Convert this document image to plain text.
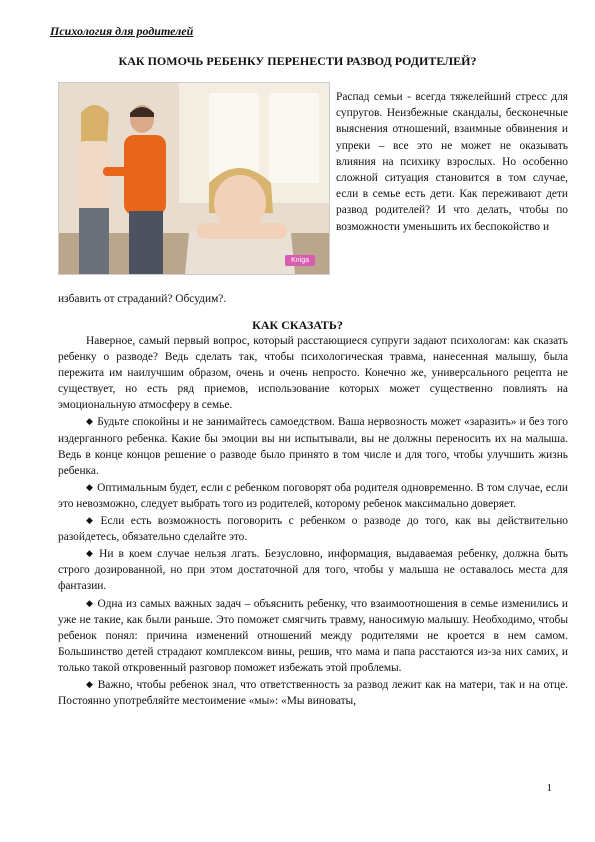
Психология для родителей
КАК ПОМОЧЬ РЕБЕНКУ ПЕРЕНЕСТИ РАЗВОД РОДИТЕЛЕЙ?
Kniga
Распад семьи - всегда тяжелейший стресс для супругов. Неизбежные скандалы, бесконечные выяснения отношений, взаимные обвинения и упреки – все это не может не оказывать влияния на психику взрослых. Но особенно сложной ситуация становится в том случае, если в семье есть дети. Как переживают дети развод родителей? И что делать, чтобы по возможности уменьшить их беспокойство и
избавить от страданий? Обсудим?.
КАК СКАЗАТЬ?

Наверное, самый первый вопрос, который расстающиеся супруги задают психологам: как сказать ребенку о разводе? Ведь сделать так, чтобы психологическая травма, нанесенная малышу, была пережита им наилучшим образом, очень и очень непросто. Конечно же, универсального рецепта не существует, но есть ряд приемов, использование которых может существенно повлиять на эмоциональную атмосферу в семье.

◆ Будьте спокойны и не занимайтесь самоедством. Ваша нервозность может «заразить» и без того издерганного ребенка. Какие бы эмоции вы ни испытывали, вы не должны переносить их на малыша. Ведь в конце концов решение о разводе было принято в том числе и для того, чтобы улучшить жизнь ребенка.

◆ Оптимальным будет, если с ребенком поговорят оба родителя одновременно. В том случае, если это невозможно, следует выбрать того из родителей, которому ребенок максимально доверяет.

◆ Если есть возможность поговорить с ребенком о разводе до того, как вы действительно разойдетесь, обязательно сделайте это.

◆ Ни в коем случае нельзя лгать. Безусловно, информация, выдаваемая ребенку, должна быть строго дозированной, но при этом достаточной для того, чтобы у малыша не оставалось места для фантазии.

◆ Одна из самых важных задач – объяснить ребенку, что взаимоотношения в семье изменились и уже не такие, как были раньше. Это поможет смягчить травму, наносимую малышу. Необходимо, чтобы ребенок понял: причина изменений отношений между родителями не кроется в нем самом. Большинство детей страдают комплексом вины, решив, что мама и папа расстаются из-за них самих, и только такой откровенный разговор поможет избежать этой проблемы.

◆ Важно, чтобы ребенок знал, что ответственность за развод лежит как на матери, так и на отце. Постоянно употребляйте местоимение «мы»: «Мы виноваты,

1
